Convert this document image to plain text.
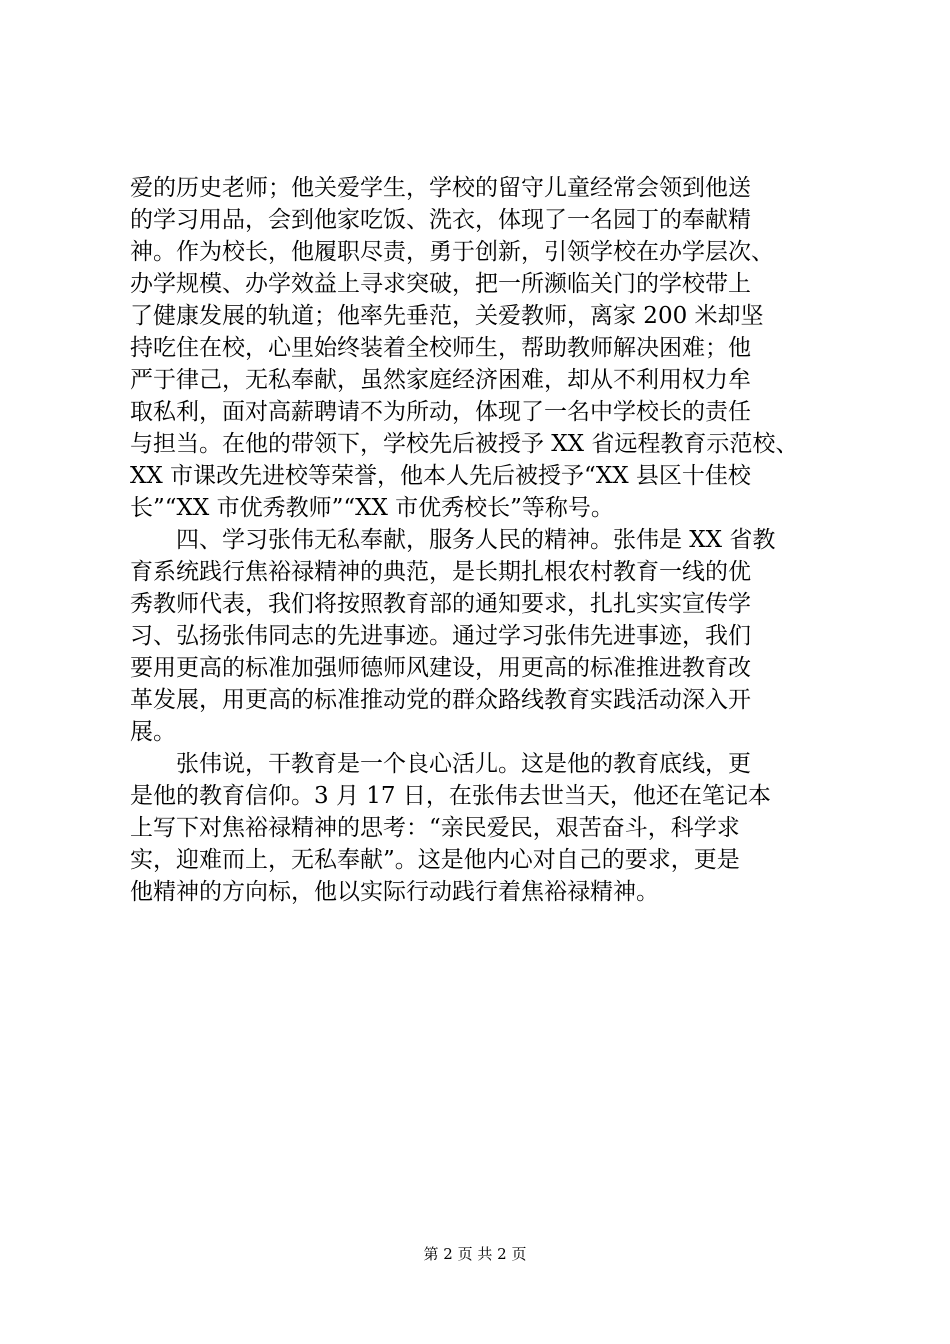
爱的历史老师；他关爱学生，学校的留守儿童经常会领到他送
的学习用品，会到他家吃饭、洗衣，体现了一名园丁的奉献精
神。作为校长，他履职尽责，勇于创新，引领学校在办学层次、
办学规模、办学效益上寻求突破，把一所濒临关门的学校带上
了健康发展的轨道；他率先垂范，关爱教师，离家 200 米却坚
持吃住在校，心里始终装着全校师生，帮助教师解决困难；他
严于律己，无私奉献，虽然家庭经济困难，却从不利用权力牟
取私利，面对高薪聘请不为所动，体现了一名中学校长的责任
与担当。在他的带领下，学校先后被授予 XX 省远程教育示范校、
XX 市课改先进校等荣誉，他本人先后被授予“XX 县区十佳校
长”“XX 市优秀教师”“XX 市优秀校长”等称号。
　　四、学习张伟无私奉献，服务人民的精神。张伟是 XX 省教
育系统践行焦裕禄精神的典范，是长期扎根农村教育一线的优
秀教师代表，我们将按照教育部的通知要求，扎扎实实宣传学
习、弘扬张伟同志的先进事迹。通过学习张伟先进事迹，我们
要用更高的标准加强师德师风建设，用更高的标准推进教育改
革发展，用更高的标准推动党的群众路线教育实践活动深入开
展。
　　张伟说，干教育是一个良心活儿。这是他的教育底线，更
是他的教育信仰。3 月 17 日，在张伟去世当天，他还在笔记本
上写下对焦裕禄精神的思考：“亲民爱民，艰苦奋斗，科学求
实，迎难而上，无私奉献”。这是他内心对自己的要求，更是
他精神的方向标，他以实际行动践行着焦裕禄精神。
第 2 页 共 2 页
